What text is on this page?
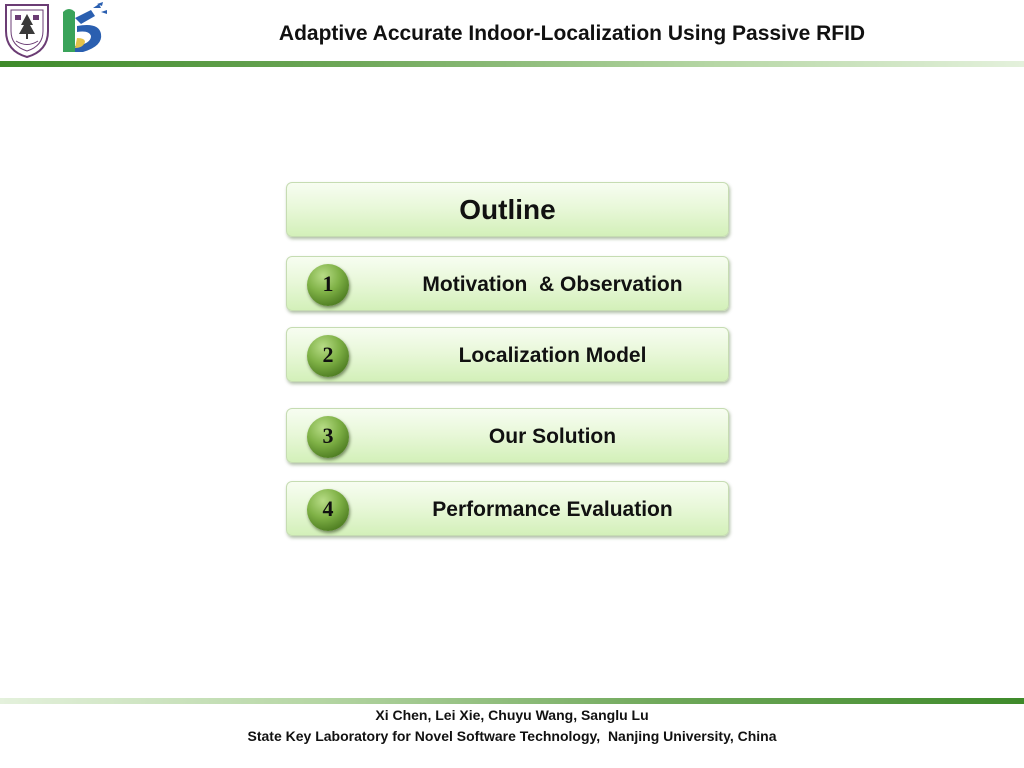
Adaptive Accurate Indoor-Localization Using Passive RFID
Outline
1	Motivation  & Observation
2	Localization Model
3	Our Solution
4	Performance Evaluation

Xi Chen, Lei Xie, Chuyu Wang, Sanglu Lu

State Key Laboratory for Novel Software Technology,  Nanjing University, China
